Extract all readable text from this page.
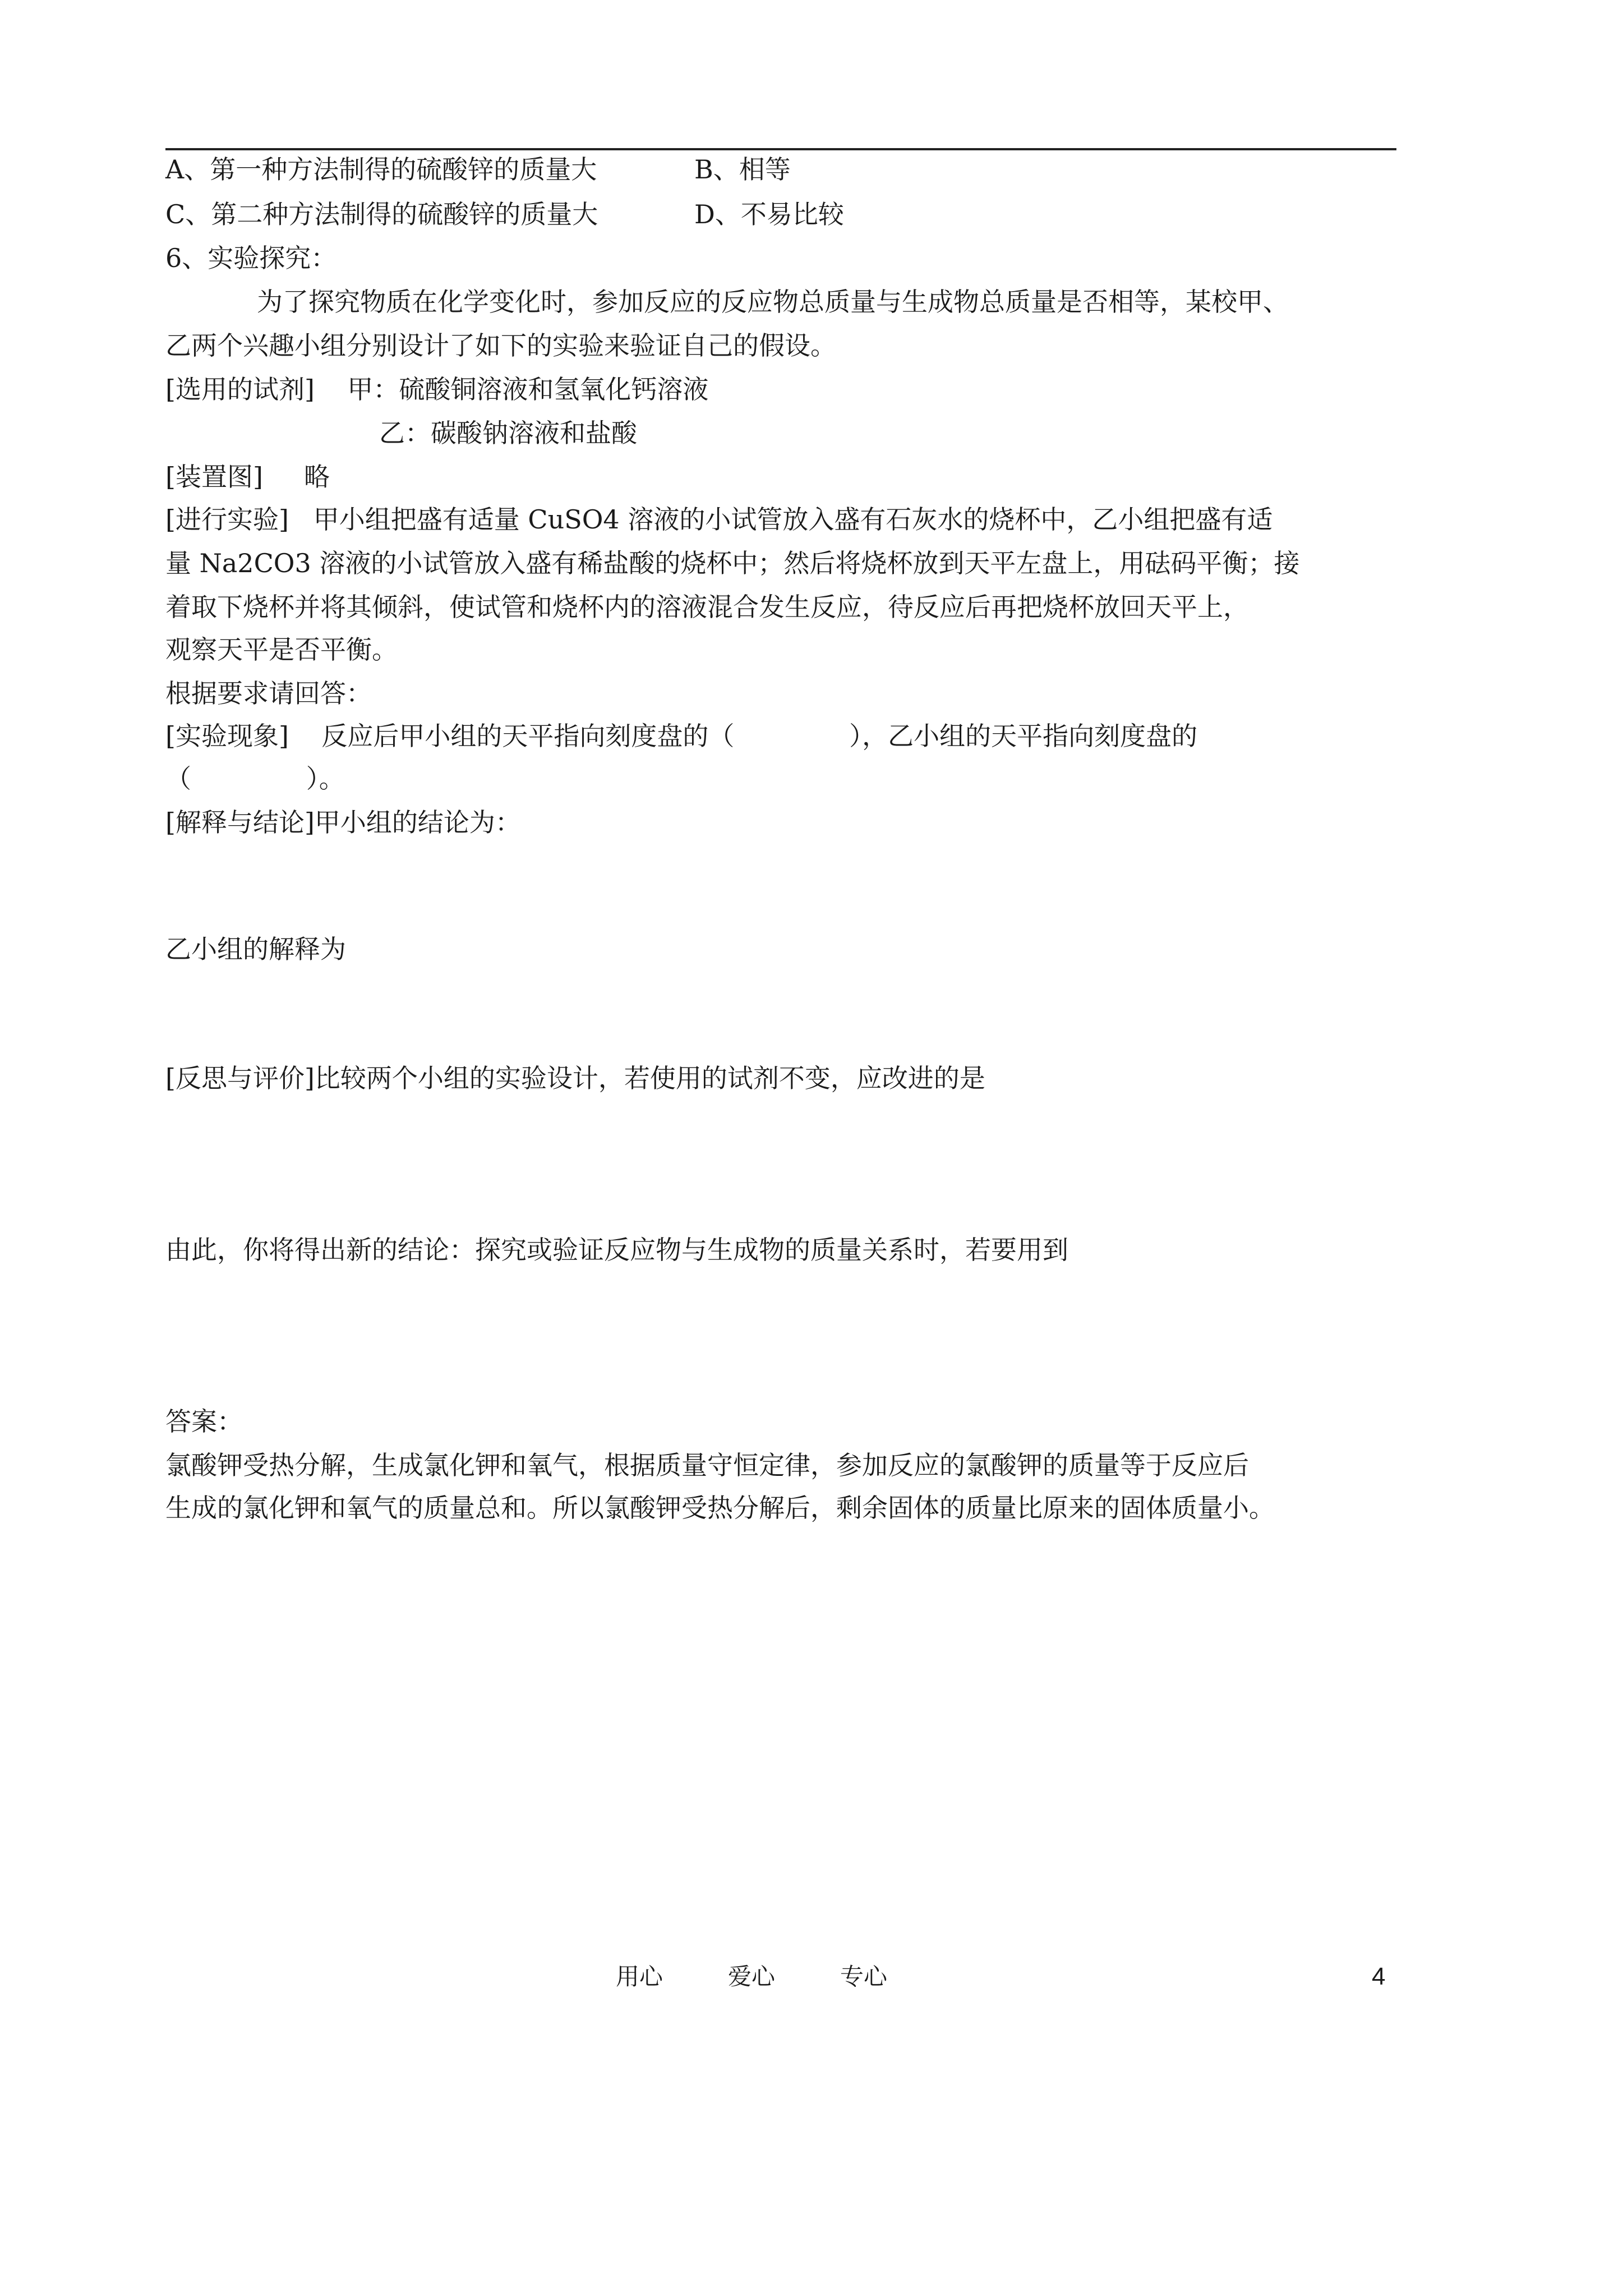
A、第一种方法制得的硫酸锌的质量大	B、相等
C、第二种方法制得的硫酸锌的质量大	D、不易比较
6、实验探究：
为了探究物质在化学变化时，参加反应的反应物总质量与生成物总质量是否相等，某校甲、
乙两个兴趣小组分别设计了如下的实验来验证自己的假设。
[选用的试剂]    甲：硫酸铜溶液和氢氧化钙溶液
乙：碳酸钠溶液和盐酸
[装置图]     略
[进行实验]   甲小组把盛有适量 CuSO4 溶液的小试管放入盛有石灰水的烧杯中，乙小组把盛有适
量 Na2CO3 溶液的小试管放入盛有稀盐酸的烧杯中；然后将烧杯放到天平左盘上，用砝码平衡；接
着取下烧杯并将其倾斜，使试管和烧杯内的溶液混合发生反应，待反应后再把烧杯放回天平上，
观察天平是否平衡。
根据要求请回答：
[实验现象]    反应后甲小组的天平指向刻度盘的（              ），乙小组的天平指向刻度盘的
（              ）。
[解释与结论]甲小组的结论为：
乙小组的解释为
[反思与评价]比较两个小组的实验设计，若使用的试剂不变，应改进的是
由此，你将得出新的结论：探究或验证反应物与生成物的质量关系时，若要用到
答案：
氯酸钾受热分解，生成氯化钾和氧气，根据质量守恒定律，参加反应的氯酸钾的质量等于反应后
生成的氯化钾和氧气的质量总和。所以氯酸钾受热分解后，剩余固体的质量比原来的固体质量小。
用心	爱心	专心	4
